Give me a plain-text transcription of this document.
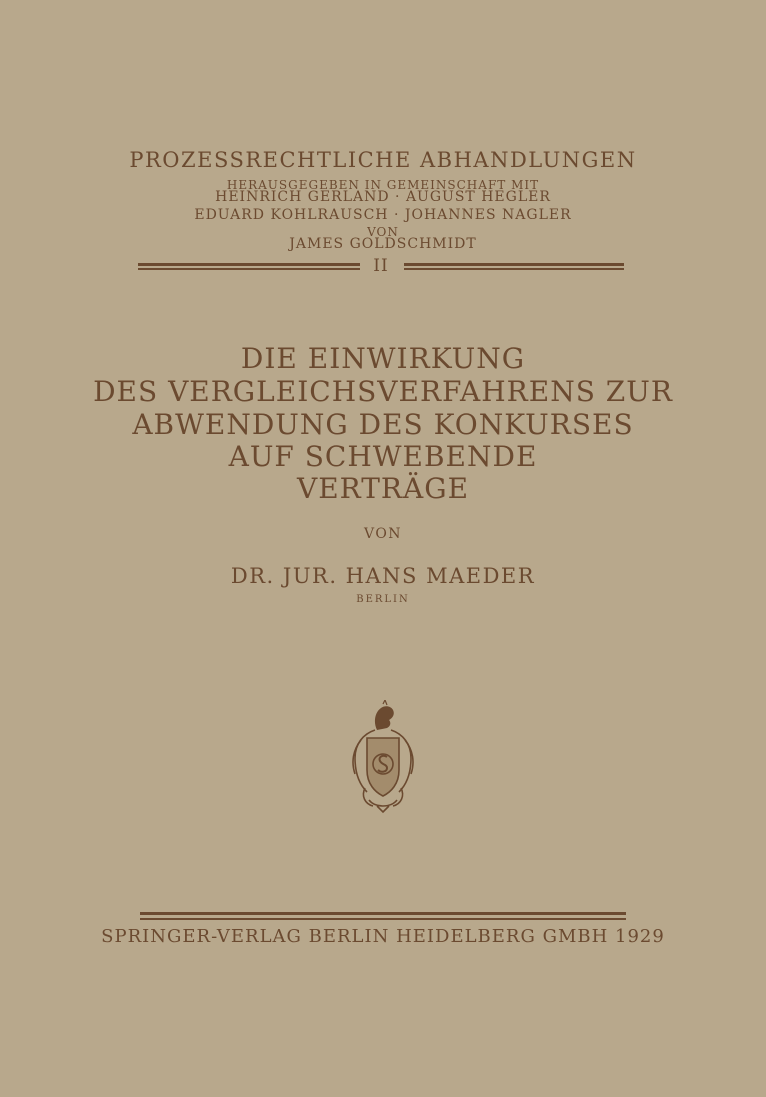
PROZESSRECHTLICHE ABHANDLUNGEN
HERAUSGEGEBEN IN GEMEINSCHAFT MIT
HEINRICH GERLAND · AUGUST HEGLER
EDUARD KOHLRAUSCH · JOHANNES NAGLER
VON
JAMES GOLDSCHMIDT
II
DIE EINWIRKUNG
DES VERGLEICHSVERFAHRENS ZUR
ABWENDUNG DES KONKURSES
AUF SCHWEBENDE
VERTRÄGE
VON
DR. JUR. HANS MAEDER
BERLIN
SPRINGER-VERLAG BERLIN HEIDELBERG GMBH 1929
